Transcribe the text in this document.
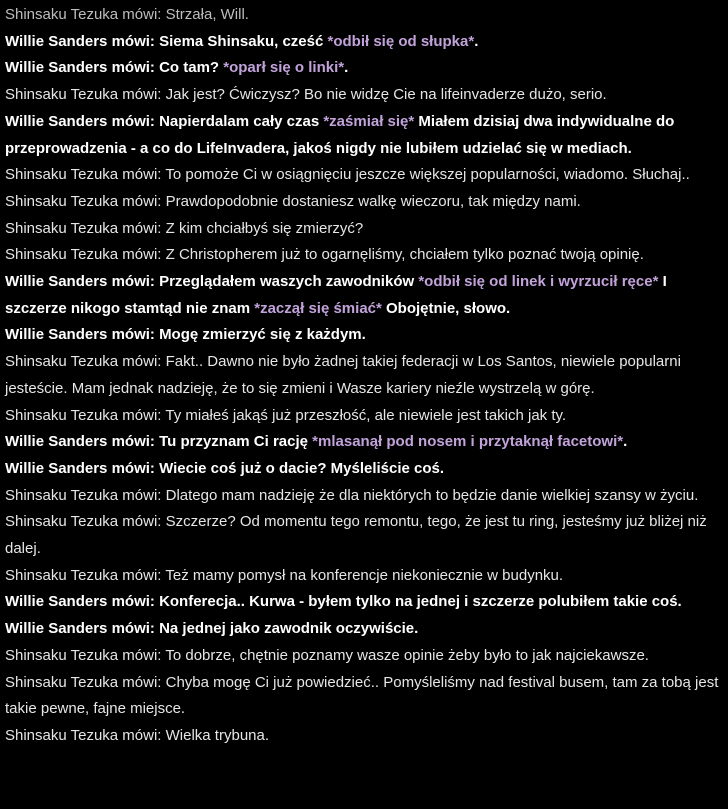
Shinsaku Tezuka mówi: Strzała, Will.
Willie Sanders mówi: Siema Shinsaku, cześć *odbił się od słupka*.
Willie Sanders mówi: Co tam? *oparł się o linki*.
Shinsaku Tezuka mówi: Jak jest? Ćwiczysz? Bo nie widzę Cie na lifeinvaderze dużo, serio.
Willie Sanders mówi: Napierdalam cały czas *zaśmiał się* Miałem dzisiaj dwa indywidualne do przeprowadzenia - a co do LifeInvadera, jakoś nigdy nie lubiłem udzielać się w mediach.
Shinsaku Tezuka mówi: To pomoże Ci w osiągnięciu jeszcze większej popularności, wiadomo. Słuchaj..
Shinsaku Tezuka mówi: Prawdopodobnie dostaniesz walkę wieczoru, tak między nami.
Shinsaku Tezuka mówi: Z kim chciałbyś się zmierzyć?
Shinsaku Tezuka mówi: Z Christopherem już to ogarnęliśmy, chciałem tylko poznać twoją opinię.
Willie Sanders mówi: Przeglądałem waszych zawodników *odbił się od linek i wyrzucił ręce* I szczerze nikogo stamtąd nie znam *zaczął się śmiać* Obojętnie, słowo.
Willie Sanders mówi: Mogę zmierzyć się z każdym.
Shinsaku Tezuka mówi: Fakt.. Dawno nie było żadnej takiej federacji w Los Santos, niewiele popularni jesteście. Mam jednak nadzieję, że to się zmieni i Wasze kariery nieźle wystrzelą w górę.
Shinsaku Tezuka mówi: Ty miałeś jakąś już przeszłość, ale niewiele jest takich jak ty.
Willie Sanders mówi: Tu przyznam Ci rację *mlasanął pod nosem i przytaknął facetowi*.
Willie Sanders mówi: Wiecie coś już o dacie? Myśleliście coś.
Shinsaku Tezuka mówi: Dlatego mam nadzieję że dla niektórych to będzie danie wielkiej szansy w życiu.
Shinsaku Tezuka mówi: Szczerze? Od momentu tego remontu, tego, że jest tu ring, jesteśmy już bliżej niż dalej.
Shinsaku Tezuka mówi: Też mamy pomysł na konferencje niekoniecznie w budynku.
Willie Sanders mówi: Konferecja.. Kurwa - byłem tylko na jednej i szczerze polubiłem takie coś.
Willie Sanders mówi: Na jednej jako zawodnik oczywiście.
Shinsaku Tezuka mówi: To dobrze, chętnie poznamy wasze opinie żeby było to jak najciekawsze.
Shinsaku Tezuka mówi: Chyba mogę Ci już powiedzieć.. Pomyśleliśmy nad festival busem, tam za tobą jest takie pewne, fajne miejsce.
Shinsaku Tezuka mówi: Wielka trybuna.
